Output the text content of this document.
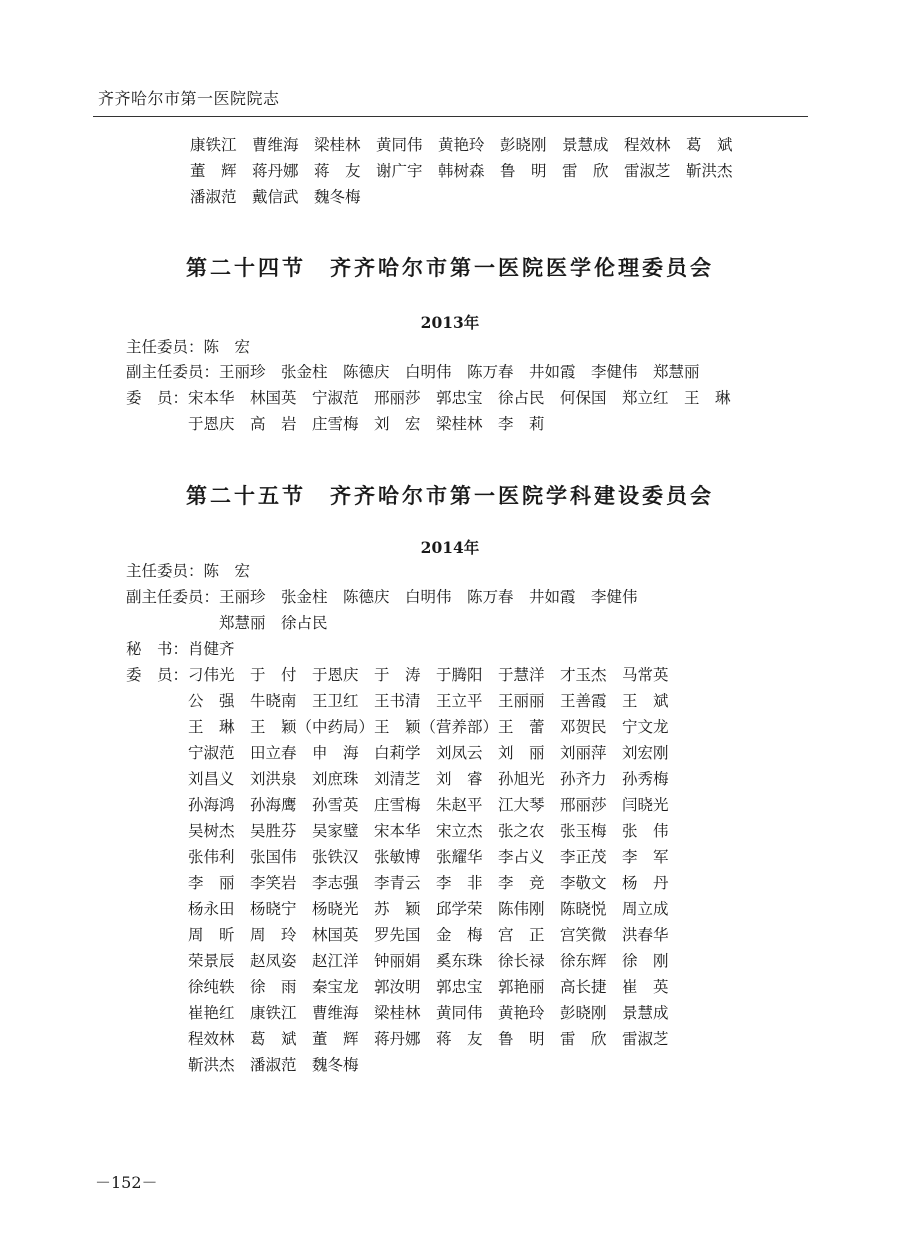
齐齐哈尔市第一医院院志
康铁江　曹维海　梁桂林　黄同伟　黄艳玲　彭晓刚　景慧成　程效林　葛　斌
董　辉　蒋丹娜　蒋　友　谢广宇　韩树森　鲁　明　雷　欣　雷淑芝　靳洪杰
潘淑范　戴信武　魏冬梅
第二十四节　齐齐哈尔市第一医院医学伦理委员会
2013年
主任委员：陈　宏
副主任委员：王丽珍　张金柱　陈德庆　白明伟　陈万春　井如霞　李健伟　郑慧丽
委　员：宋本华　林国英　宁淑范　邢丽莎　郭忠宝　徐占民　何保国　郑立红　王　琳
　　　　于恩庆　高　岩　庄雪梅　刘　宏　梁桂林　李　莉
第二十五节　齐齐哈尔市第一医院学科建设委员会
2014年
主任委员：陈　宏
副主任委员：王丽珍　张金柱　陈德庆　白明伟　陈万春　井如霞　李健伟
　　　　　　郑慧丽　徐占民
秘　书：肖健齐
委　员：刁伟光　于　付　于恩庆　于　涛　于腾阳　于慧洋　才玉杰　马常英
　　　　公　强　牛晓南　王卫红　王书清　王立平　王丽丽　王善霞　王　斌
　　　　王　琳　王　颖（中药局）王　颖（营养部）王　蕾　邓贺民　宁文龙
　　　　宁淑范　田立春　申　海　白莉学　刘凤云　刘　丽　刘丽萍　刘宏刚
　　　　刘昌义　刘洪泉　刘庶珠　刘清芝　刘　睿　孙旭光　孙齐力　孙秀梅
　　　　孙海鸿　孙海鹰　孙雪英　庄雪梅　朱赵平　江大琴　邢丽莎　闫晓光
　　　　吴树杰　吴胜芬　吴家璧　宋本华　宋立杰　张之农　张玉梅　张　伟
　　　　张伟利　张国伟　张铁汉　张敏博　张耀华　李占义　李正茂　李　军
　　　　李　丽　李笑岩　李志强　李青云　李　非　李　竞　李敬文　杨　丹
　　　　杨永田　杨晓宁　杨晓光　苏　颖　邱学荣　陈伟刚　陈晓悦　周立成
　　　　周　昕　周　玲　林国英　罗先国　金　梅　宫　正　宫笑微　洪春华
　　　　荣景辰　赵凤姿　赵江洋　钟丽娟　奚东珠　徐长禄　徐东辉　徐　刚
　　　　徐纯轶　徐　雨　秦宝龙　郭汝明　郭忠宝　郭艳丽　高长捷　崔　英
　　　　崔艳红　康铁江　曹维海　梁桂林　黄同伟　黄艳玲　彭晓刚　景慧成
　　　　程效林　葛　斌　董　辉　蒋丹娜　蒋　友　鲁　明　雷　欣　雷淑芝
　　　　靳洪杰　潘淑范　魏冬梅
－152－
